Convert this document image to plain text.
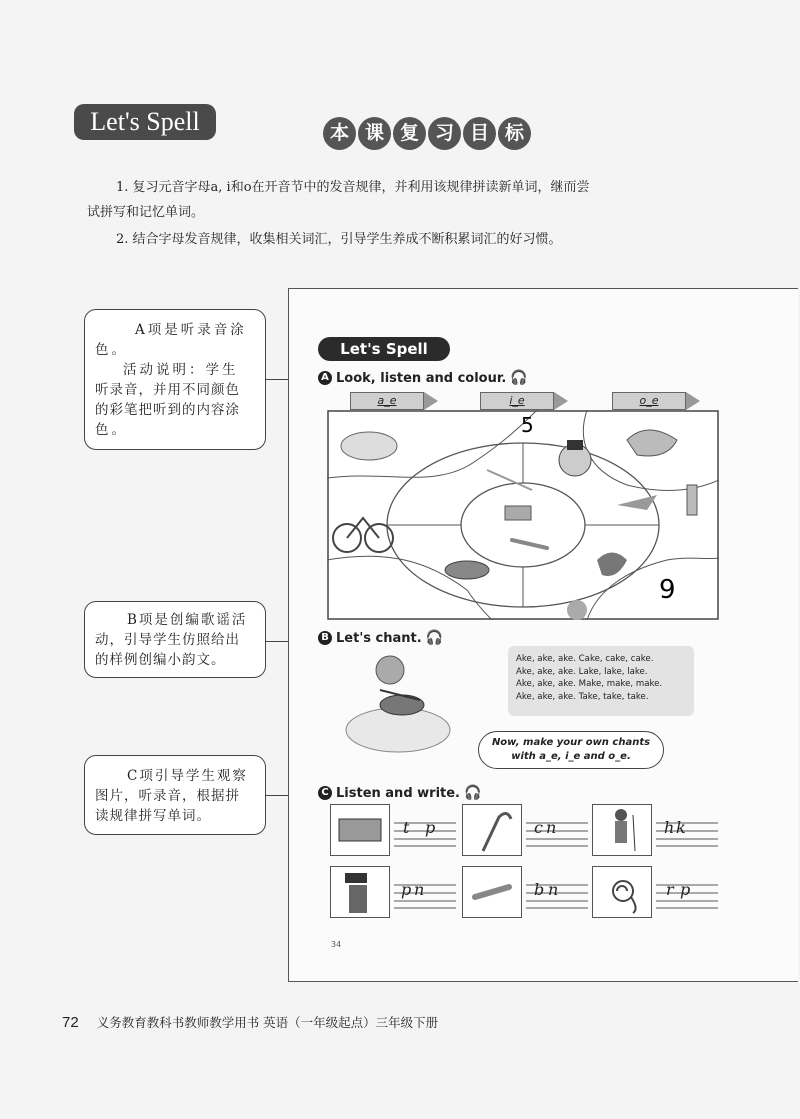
Let's Spell	本 课 复 习 目 标
1. 复习元音字母a, i和o在开音节中的发音规律，并利用该规律拼读新单词，继而尝
试拼写和记忆单词。
2. 结合字母发音规律，收集相关词汇，引导学生养成不断积累词汇的好习惯。
A项是听录音涂
色。
活动说明：学生
听录音，并用不同颜色
的彩笔把听到的内容涂
色。
B项是创编歌谣活
动，引导学生仿照给出
的样例创编小韵文。
C项引导学生观察
图片，听录音，根据拼
读规律拼写单词。
Let's Spell
A Look, listen and colour. 🎧
a_e	i_e	o_e
5
9
B Let's chant. 🎧
Ake, ake, ake. Cake, cake, cake.
Ake, ake, ake. Lake, lake, lake.
Ake, ake, ake. Make, make, make.
Ake, ake, ake. Take, take, take.
Now, make your own chants
with a_e, i_e and o_e.
C Listen and write. 🎧
t p	c n	h k
p n	b n	r p
34
72 义务教育教科书教师教学用书 英语（一年级起点）三年级下册
